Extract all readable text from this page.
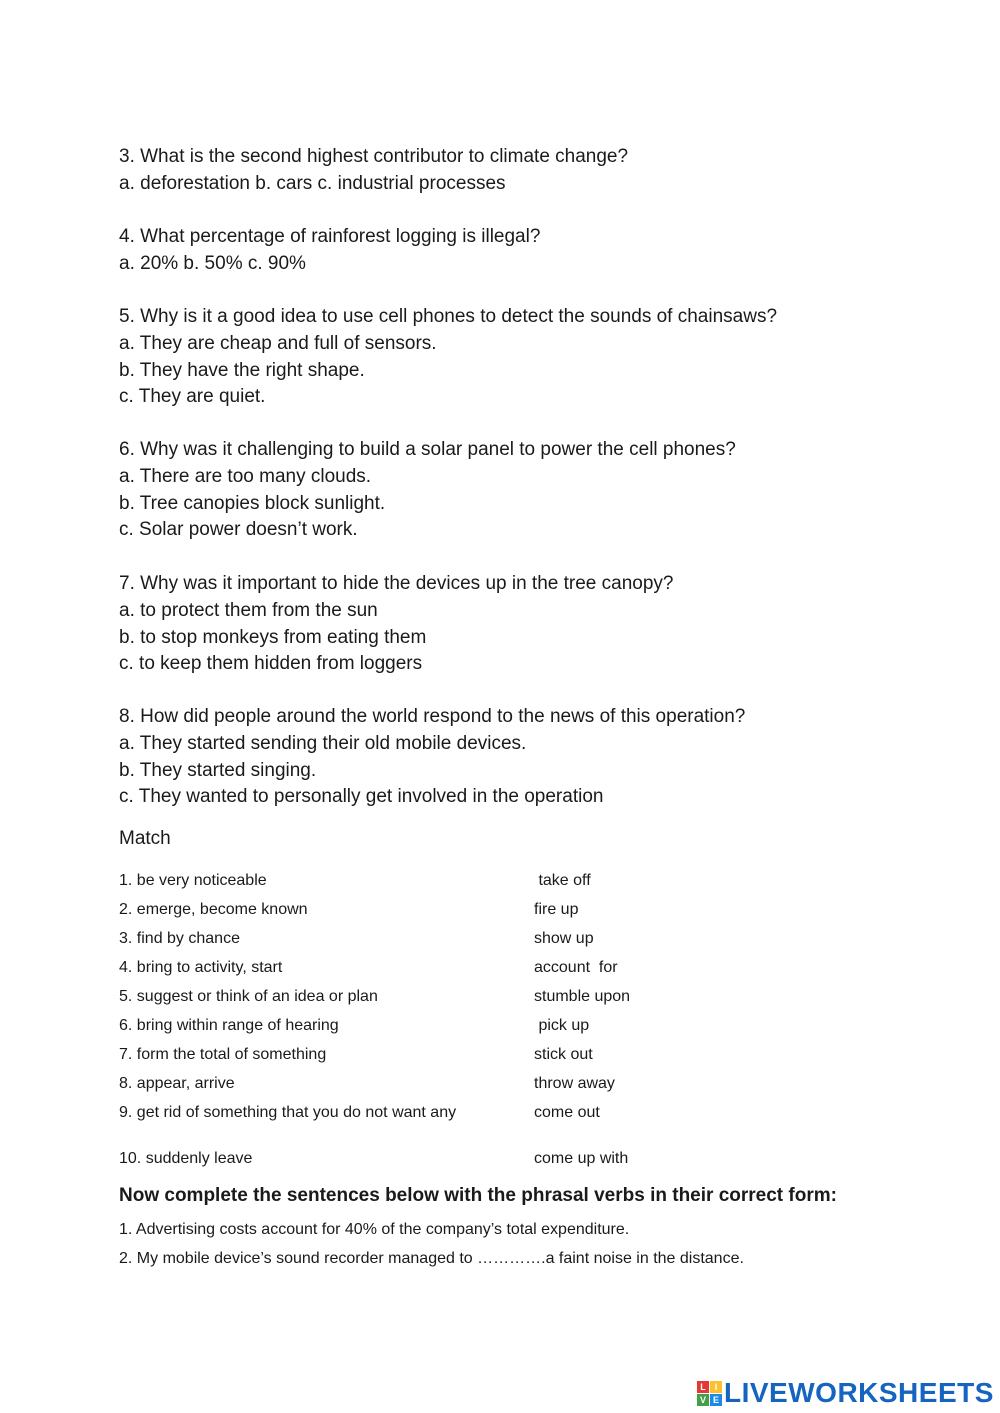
3. What is the second highest contributor to climate change?
a. deforestation b. cars c. industrial processes
4. What percentage of rainforest logging is illegal?
a. 20% b. 50% c. 90%
5. Why is it a good idea to use cell phones to detect the sounds of chainsaws?
a. They are cheap and full of sensors.
b. They have the right shape.
c. They are quiet.
6. Why was it challenging to build a solar panel to power the cell phones?
a. There are too many clouds.
b. Tree canopies block sunlight.
c. Solar power doesn’t work.
7. Why was it important to hide the devices up in the tree canopy?
a. to protect them from the sun
b. to stop monkeys from eating them
c. to keep them hidden from loggers
8. How did people around the world respond to the news of this operation?
a. They started sending their old mobile devices.
b. They started singing.
c. They wanted to personally get involved in the operation
Match
1. be very noticeable	take off
2. emerge, become known	fire up
3. find by chance	show up
4. bring to activity, start	account  for
5. suggest or think of an idea or plan	stumble upon
6. bring within range of hearing	pick up
7. form the total of something	stick out
8. appear, arrive	throw away
9. get rid of something that you do not want any	come out
10. suddenly leave	come up with
Now complete the sentences below with the phrasal verbs in their correct form:
1. Advertising costs account for 40% of the company’s total expenditure.
2. My mobile device’s sound recorder managed to ………….a faint noise in the distance.
L I
V E LIVEWORKSHEETS
